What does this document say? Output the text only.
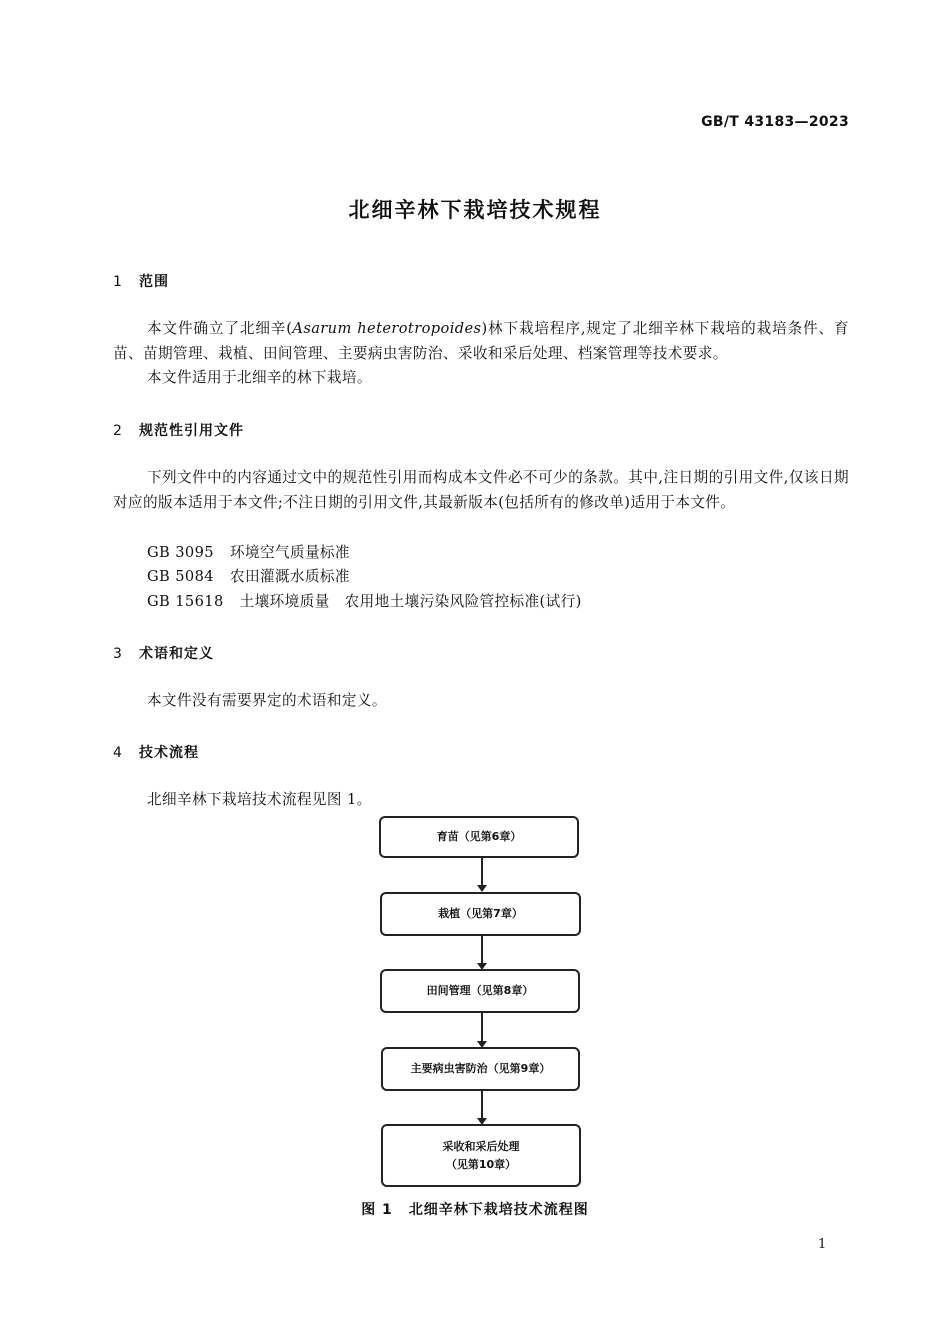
GB/T 43183—2023
北细辛林下栽培技术规程
1 范围
本文件确立了北细辛(Asarum heterotropoides)林下栽培程序,规定了北细辛林下栽培的栽培条件、育苗、苗期管理、栽植、田间管理、主要病虫害防治、采收和采后处理、档案管理等技术要求。
本文件适用于北细辛的林下栽培。
2 规范性引用文件
下列文件中的内容通过文中的规范性引用而构成本文件必不可少的条款。其中,注日期的引用文件,仅该日期对应的版本适用于本文件;不注日期的引用文件,其最新版本(包括所有的修改单)适用于本文件。
GB 3095 环境空气质量标准
GB 5084 农田灌溉水质标准
GB 15618 土壤环境质量　农用地土壤污染风险管控标准(试行)
3 术语和定义
本文件没有需要界定的术语和定义。
4 技术流程
北细辛林下栽培技术流程见图 1。
育苗（见第6章）
栽植（见第7章）
田间管理（见第8章）
主要病虫害防治（见第9章）
采收和采后处理
（见第10章）
图 1 北细辛林下栽培技术流程图
1
